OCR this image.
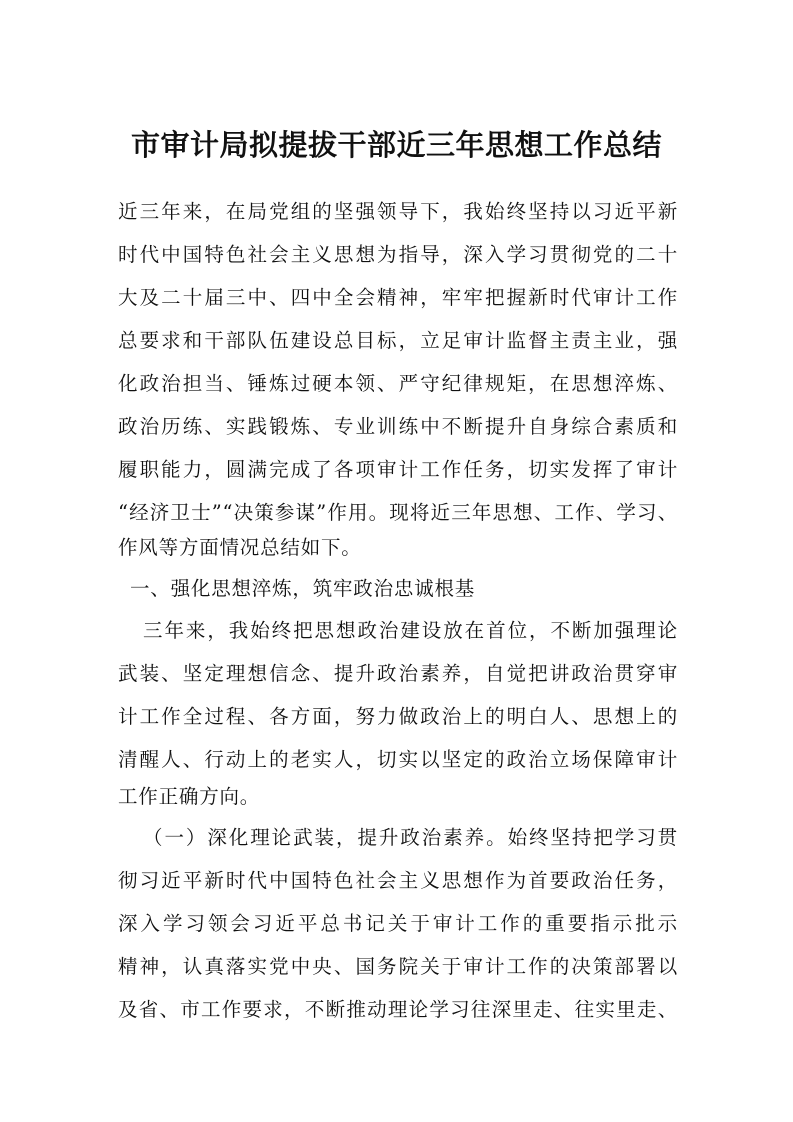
市审计局拟提拔干部近三年思想工作总结
近三年来，在局党组的坚强领导下，我始终坚持以习近平新
时代中国特色社会主义思想为指导，深入学习贯彻党的二十
大及二十届三中、四中全会精神，牢牢把握新时代审计工作
总要求和干部队伍建设总目标，立足审计监督主责主业，强
化政治担当、锤炼过硬本领、严守纪律规矩，在思想淬炼、
政治历练、实践锻炼、专业训练中不断提升自身综合素质和
履职能力，圆满完成了各项审计工作任务，切实发挥了审计
“经济卫士”“决策参谋”作用。现将近三年思想、工作、学习、
作风等方面情况总结如下。
一、强化思想淬炼，筑牢政治忠诚根基
三年来，我始终把思想政治建设放在首位，不断加强理论
武装、坚定理想信念、提升政治素养，自觉把讲政治贯穿审
计工作全过程、各方面，努力做政治上的明白人、思想上的
清醒人、行动上的老实人，切实以坚定的政治立场保障审计
工作正确方向。
（一）深化理论武装，提升政治素养。始终坚持把学习贯
彻习近平新时代中国特色社会主义思想作为首要政治任务，
深入学习领会习近平总书记关于审计工作的重要指示批示
精神，认真落实党中央、国务院关于审计工作的决策部署以
及省、市工作要求，不断推动理论学习往深里走、往实里走、
